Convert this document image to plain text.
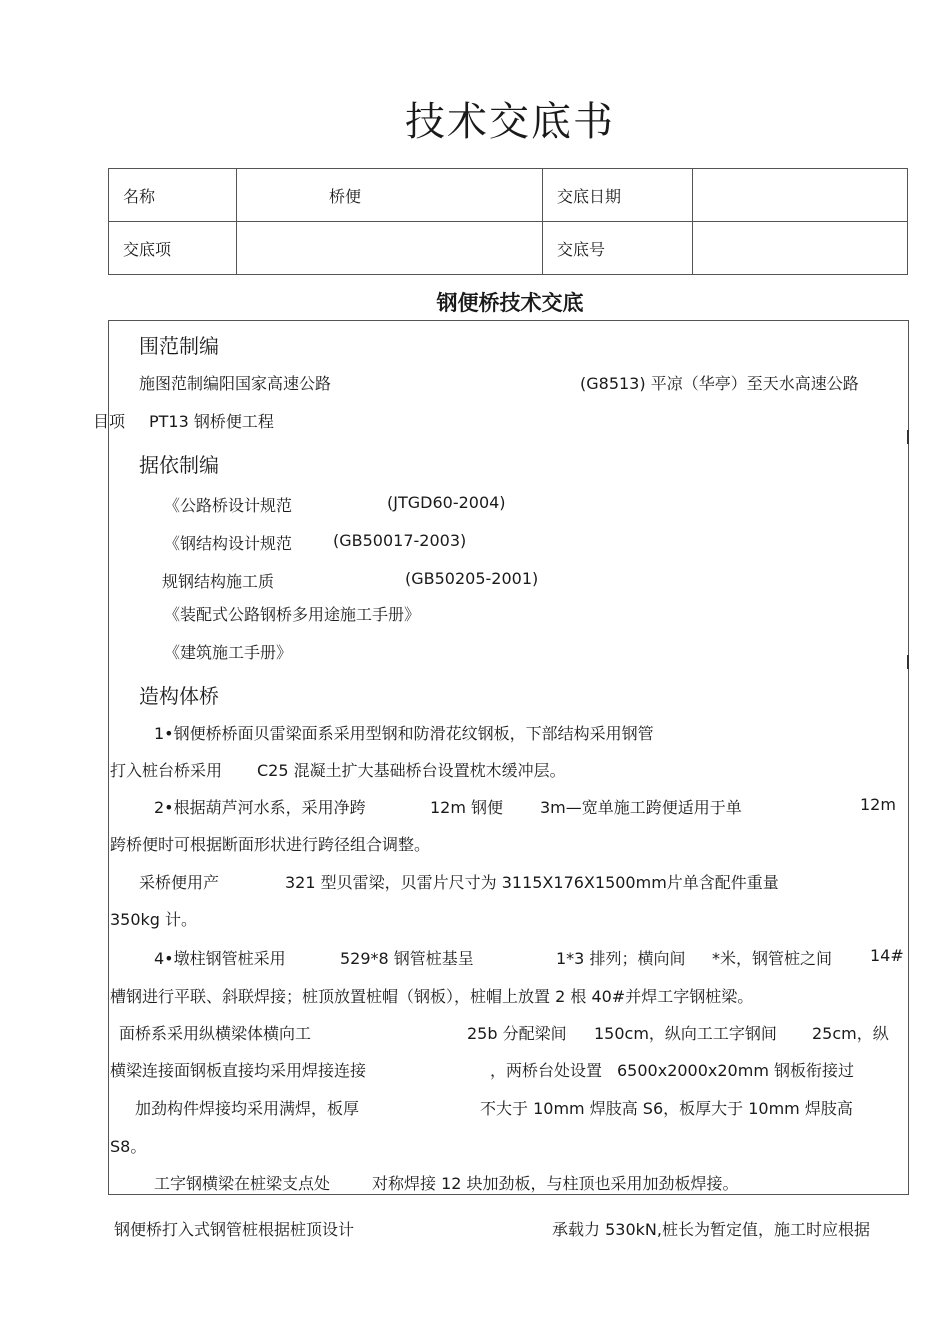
技术交底书
名称	桥便	交底日期	
交底项		交底号	
钢便桥技术交底
围范制编
施图范制编阳国家高速公路	(G8513) 平凉（华亭）至天水高速公路
目项 PT13 钢桥便工程
据依制编
《公路桥设计规范	(JTGD60-2004)
《钢结构设计规范	(GB50017-2003)
规钢结构施工质	(GB50205-2001)
《装配式公路钢桥多用途施工手册》
《建筑施工手册》
造构体桥
1•钢便桥桥面贝雷梁面系采用型钢和防滑花纹钢板，下部结构采用钢管
打入桩台桥采用 C25 混凝土扩大基础桥台设置枕木缓冲层。
2•根据葫芦河水系，采用净跨	12m 钢便 3m—宽单施工跨便适用于单	12m
跨桥便时可根据断面形状进行跨径组合调整。
采桥便用产	321 型贝雷梁，贝雷片尺寸为 3115X176X1500mm片单含配件重量
350kg 计。
4•墩柱钢管桩采用	529*8 钢管桩基呈	1*3 排列；横向间 *米，钢管桩之间 14#
槽钢进行平联、斜联焊接；桩顶放置桩帽（钢板），桩帽上放置 2 根 40#并焊工字钢桩梁。
面桥系采用纵横梁体横向工	25b 分配梁间 150cm，纵向工工字钢间 25cm，纵
横梁连接面钢板直接均采用焊接连接	，两桥台处设置 6500x2000x20mm 钢板衔接过
加劲构件焊接均采用满焊，板厚	不大于 10mm 焊肢高 S6，板厚大于 10mm 焊肢高
S8。
工字钢横梁在桩梁支点处	对称焊接 12 块加劲板，与柱顶也采用加劲板焊接。
钢便桥打入式钢管桩根据桩顶设计	承载力 530kN,桩长为暂定值，施工时应根据
